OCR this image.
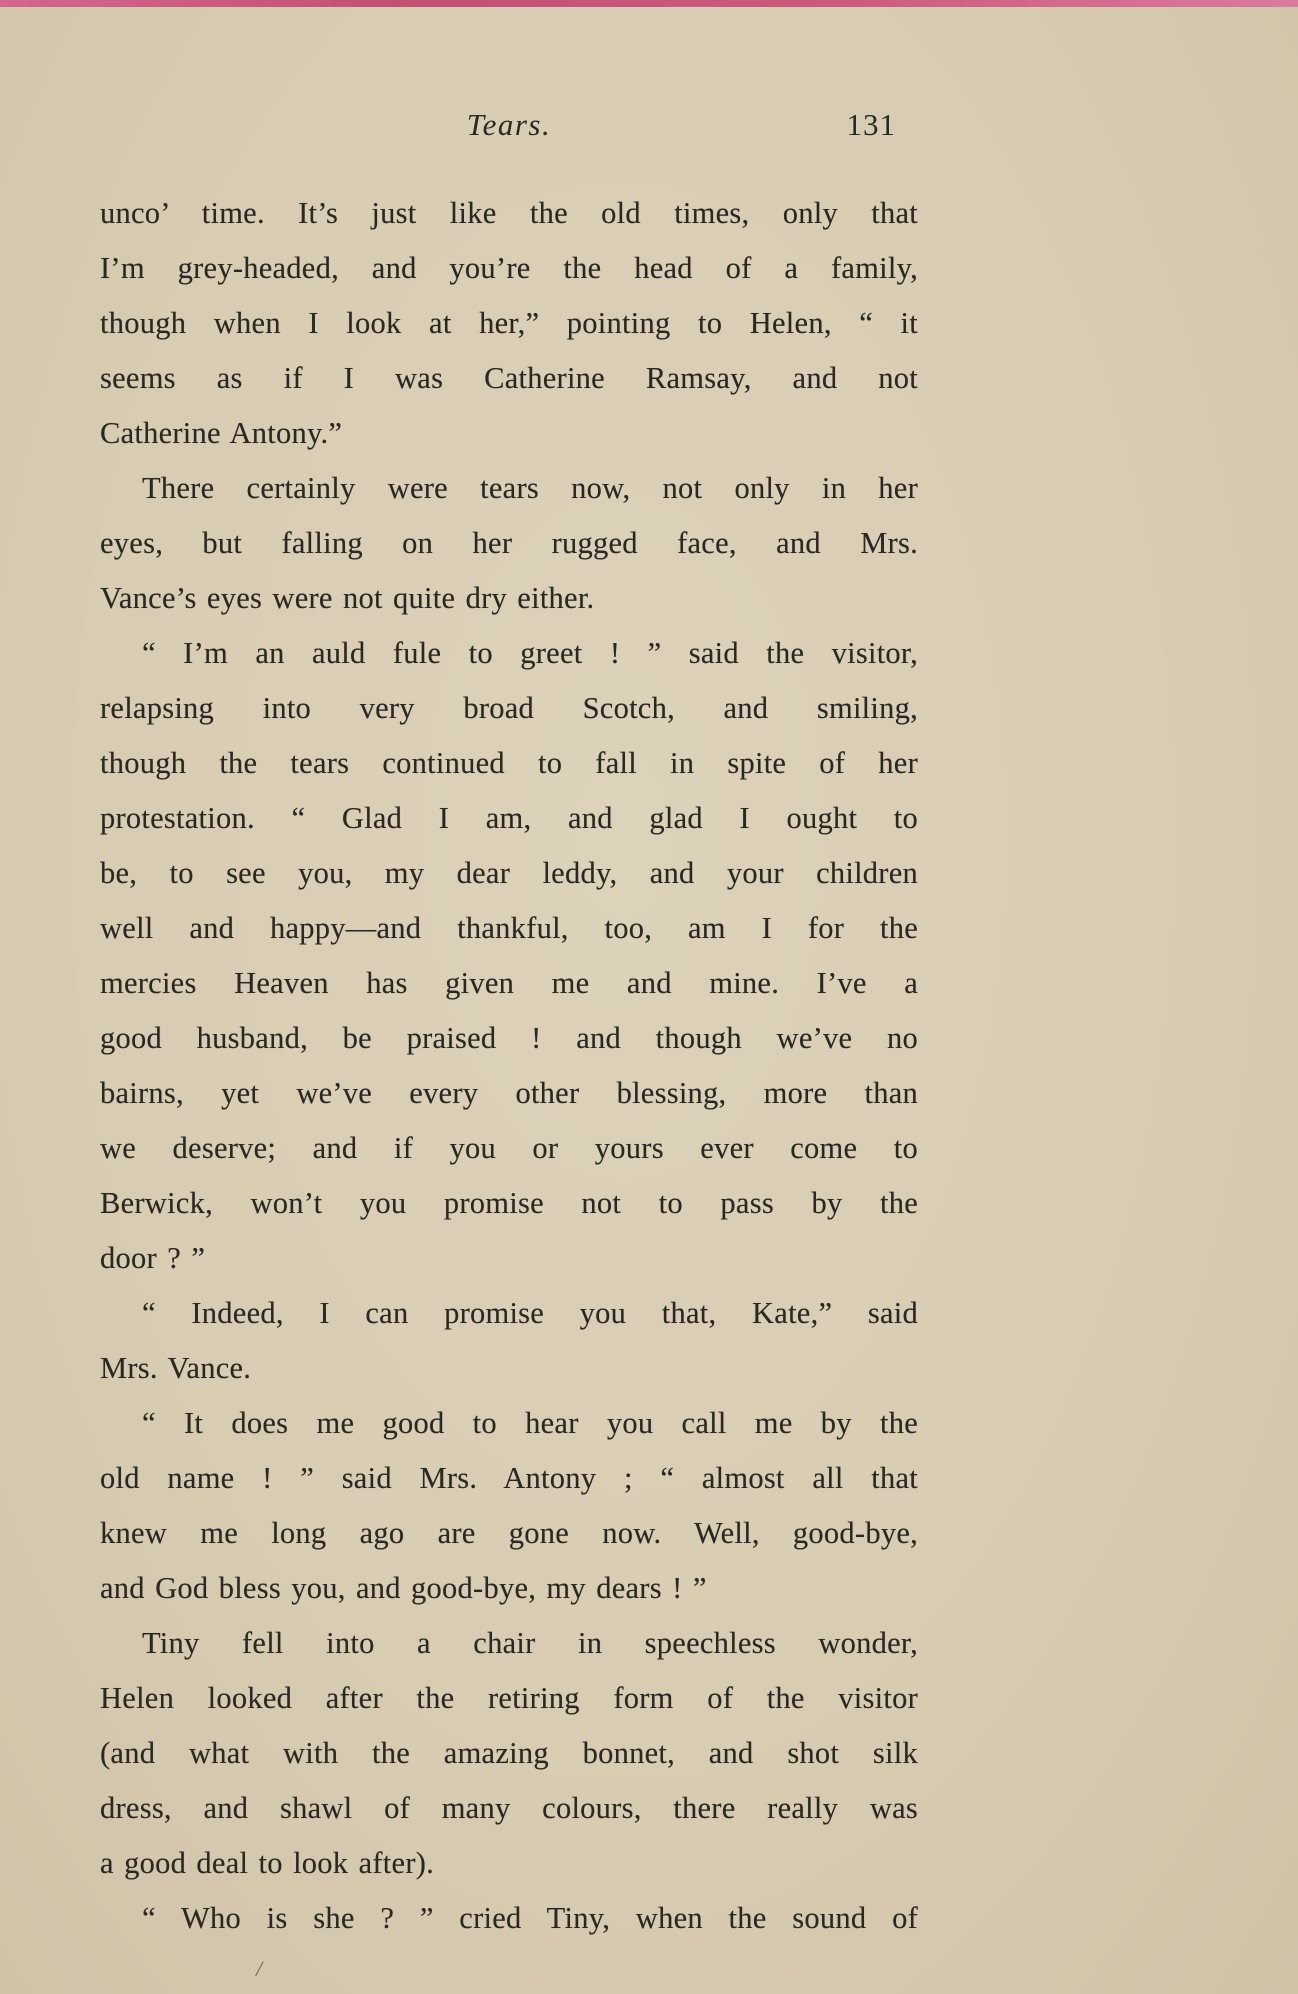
Tears.	131

unco’ time. It’s just like the old times, only that
I’m grey-headed, and you’re the head of a family,
though when I look at her,” pointing to Helen, “ it
seems as if I was Catherine Ramsay, and not
Catherine Antony.”

There certainly were tears now, not only in her
eyes, but falling on her rugged face, and Mrs.
Vance’s eyes were not quite dry either.

“ I’m an auld fule to greet ! ” said the visitor,
relapsing into very broad Scotch, and smiling,
though the tears continued to fall in spite of her
protestation. “ Glad I am, and glad I ought to
be, to see you, my dear leddy, and your children
well and happy—and thankful, too, am I for the
mercies Heaven has given me and mine. I’ve a
good husband, be praised ! and though we’ve no
bairns, yet we’ve every other blessing, more than
we deserve; and if you or yours ever come to
Berwick, won’t you promise not to pass by the
door ? ”

“ Indeed, I can promise you that, Kate,” said
Mrs. Vance.

“ It does me good to hear you call me by the
old name ! ” said Mrs. Antony ; “ almost all that
knew me long ago are gone now. Well, good-bye,
and God bless you, and good-bye, my dears ! ”

Tiny fell into a chair in speechless wonder,
Helen looked after the retiring form of the visitor
(and what with the amazing bonnet, and shot silk
dress, and shawl of many colours, there really was
a good deal to look after).

“ Who is she ? ” cried Tiny, when the sound of

/
